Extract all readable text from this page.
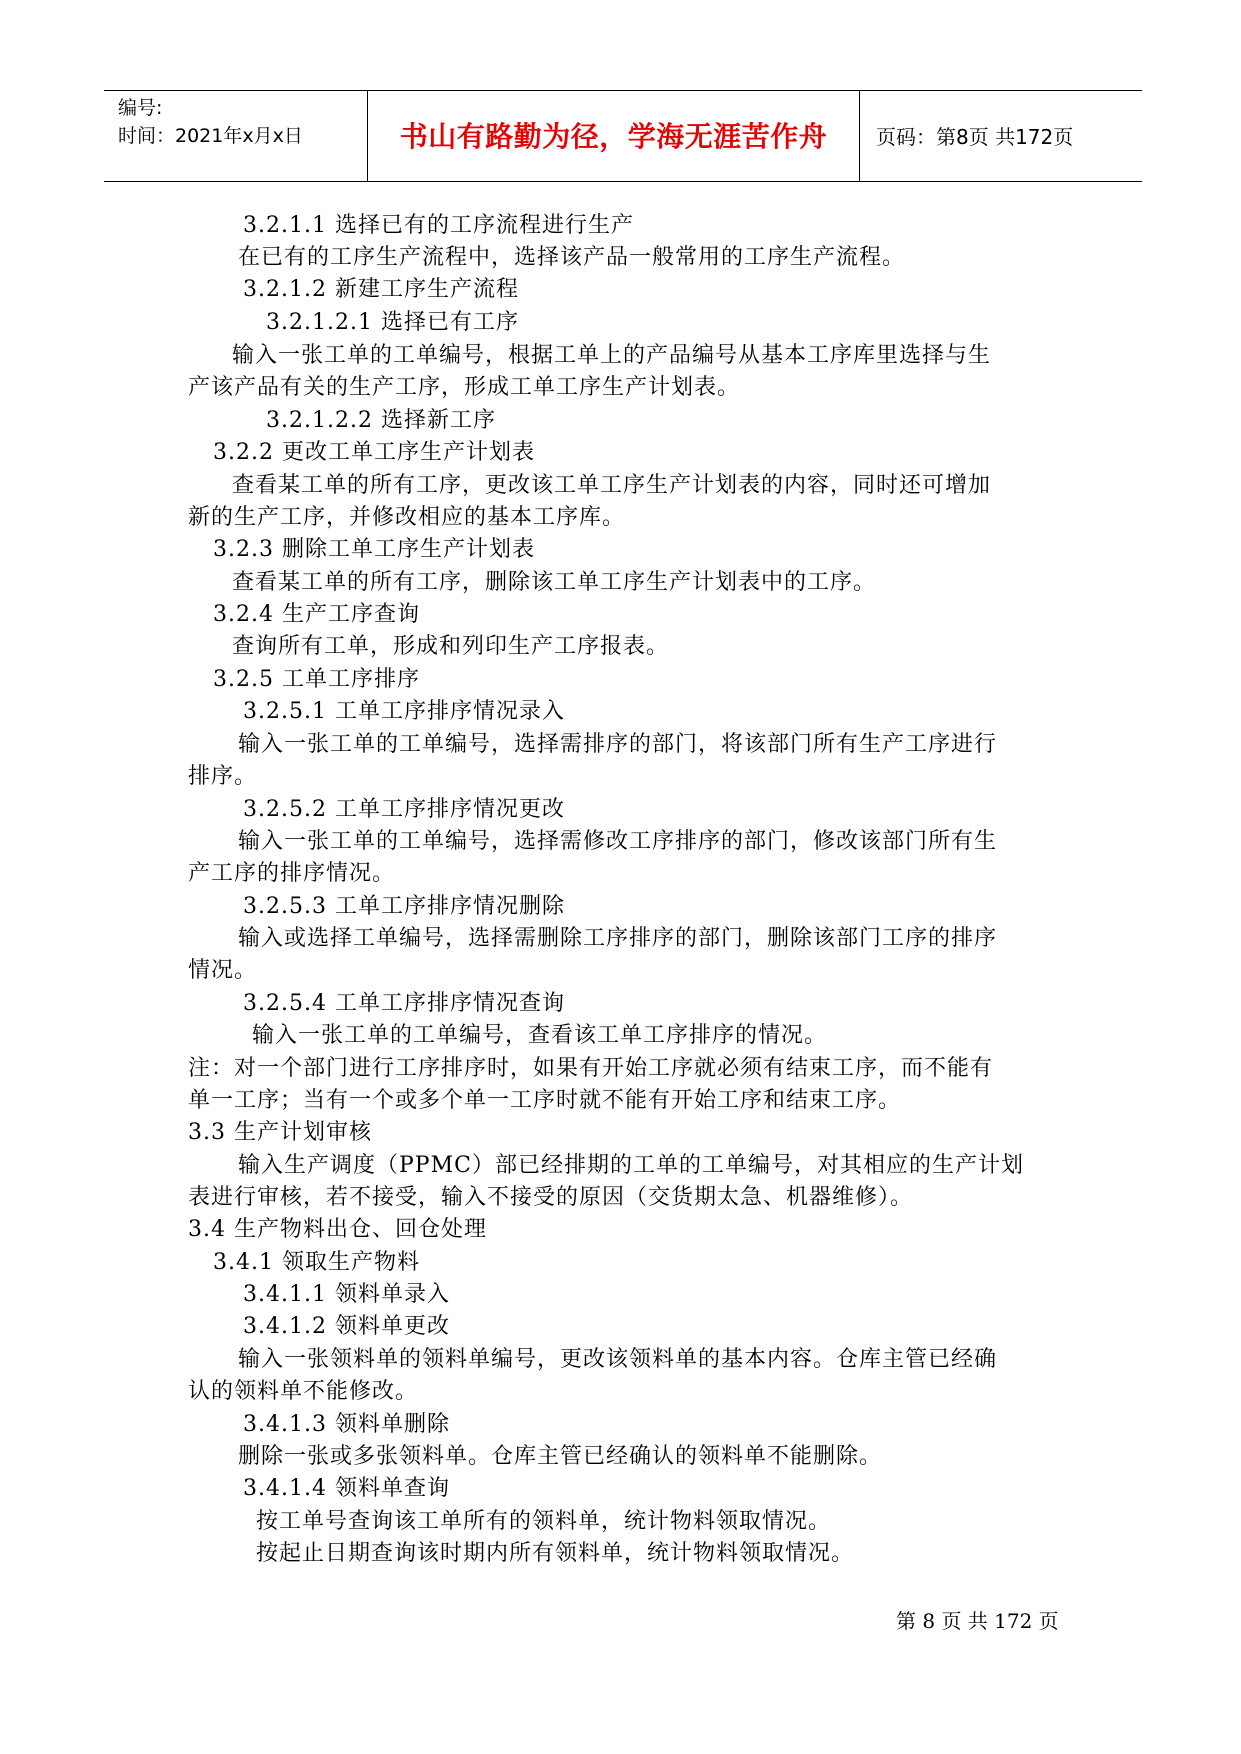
编号:
时间：2021年x月x日	书山有路勤为径，学海无涯苦作舟	页码：第8页 共172页
3.2.1.1 选择已有的工序流程进行生产
在已有的工序生产流程中，选择该产品一般常用的工序生产流程。
3.2.1.2 新建工序生产流程
3.2.1.2.1 选择已有工序
输入一张工单的工单编号，根据工单上的产品编号从基本工序库里选择与生
产该产品有关的生产工序，形成工单工序生产计划表。
3.2.1.2.2 选择新工序
3.2.2 更改工单工序生产计划表
查看某工单的所有工序，更改该工单工序生产计划表的内容，同时还可增加
新的生产工序，并修改相应的基本工序库。
3.2.3 删除工单工序生产计划表
查看某工单的所有工序，删除该工单工序生产计划表中的工序。
3.2.4 生产工序查询
查询所有工单，形成和列印生产工序报表。
3.2.5 工单工序排序
3.2.5.1 工单工序排序情况录入
输入一张工单的工单编号，选择需排序的部门，将该部门所有生产工序进行
排序。
3.2.5.2 工单工序排序情况更改
输入一张工单的工单编号，选择需修改工序排序的部门，修改该部门所有生
产工序的排序情况。
3.2.5.3 工单工序排序情况删除
输入或选择工单编号，选择需删除工序排序的部门，删除该部门工序的排序
情况。
3.2.5.4 工单工序排序情况查询
输入一张工单的工单编号，查看该工单工序排序的情况。
注：对一个部门进行工序排序时，如果有开始工序就必须有结束工序，而不能有
单一工序；当有一个或多个单一工序时就不能有开始工序和结束工序。
3.3 生产计划审核
输入生产调度（PPMC）部已经排期的工单的工单编号，对其相应的生产计划
表进行审核，若不接受，输入不接受的原因（交货期太急、机器维修）。
3.4 生产物料出仓、回仓处理
3.4.1 领取生产物料
3.4.1.1 领料单录入
3.4.1.2 领料单更改
输入一张领料单的领料单编号，更改该领料单的基本内容。仓库主管已经确
认的领料单不能修改。
3.4.1.3 领料单删除
删除一张或多张领料单。仓库主管已经确认的领料单不能删除。
3.4.1.4 领料单查询
按工单号查询该工单所有的领料单，统计物料领取情况。
按起止日期查询该时期内所有领料单，统计物料领取情况。
第 8 页 共 172 页
